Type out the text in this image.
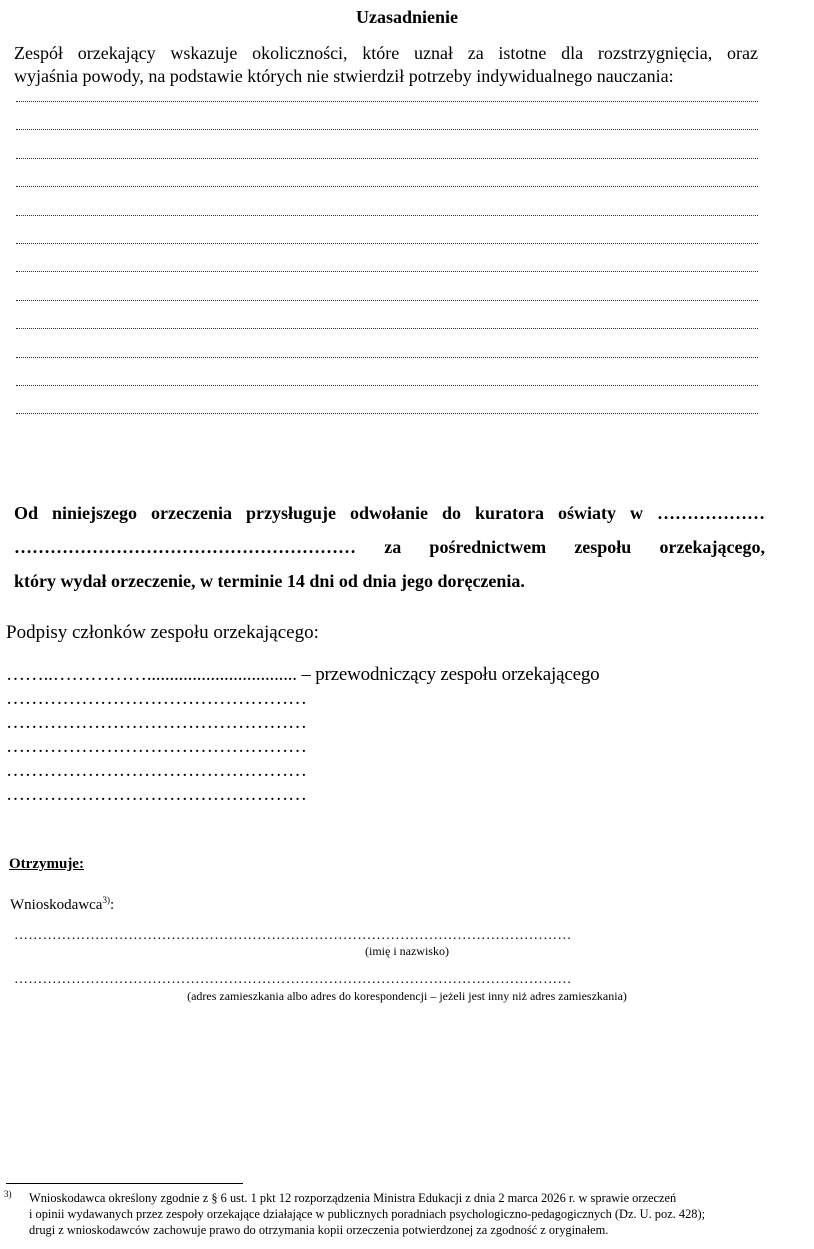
Uzasadnienie

Zespół orzekający wskazuje okoliczności, które uznał za istotne dla rozstrzygnięcia, oraz

wyjaśnia powody, na podstawie których nie stwierdził potrzeby indywidualnego nauczania:

Od niniejszego orzeczenia przysługuje odwołanie do kuratora oświaty w ………………
………………………………………………… za pośrednictwem zespołu orzekającego,
który wydał orzeczenie, w terminie 14 dni od dnia jego doręczenia.
Podpisy członków zespołu orzekającego:
……..……………................................. – przewodniczący zespołu orzekającego
…………………………………………
…………………………………………
…………………………………………
…………………………………………
…………………………………………
Otrzymuje:
Wnioskodawca$^{3)}$:
………………………………………………………………………………………………………
(imię i nazwisko)
………………………………………………………………………………………………………
(adres zamieszkania albo adres do korespondencji – jeżeli jest inny niż adres zamieszkania)
3) Wnioskodawca określony zgodnie z § 6 ust. 1 pkt 12 rozporządzenia Ministra Edukacji z dnia 2 marca 2026 r. w sprawie orzeczeń
i opinii wydawanych przez zespoły orzekające działające w publicznych poradniach psychologiczno-pedagogicznych (Dz. U. poz. 428);
drugi z wnioskodawców zachowuje prawo do otrzymania kopii orzeczenia potwierdzonej za zgodność z oryginałem.
